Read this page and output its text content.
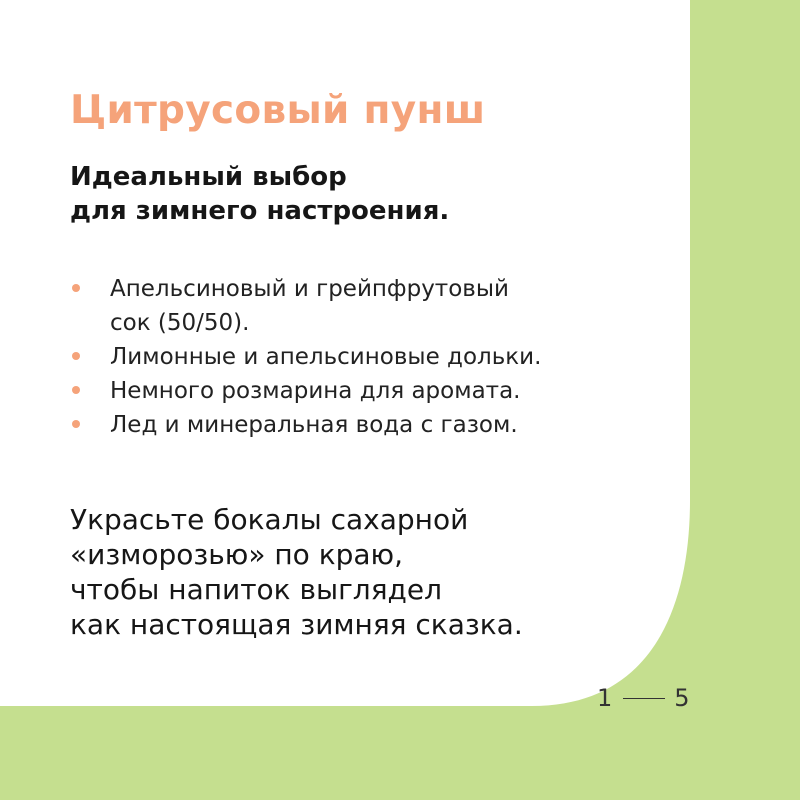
Цитрусовый пунш
Идеальный выбор
для зимнего настроения.
Апельсиновый и грейпфрутовый
сок (50/50).
Лимонные и апельсиновые дольки.
Немного розмарина для аромата.
Лед и минеральная вода с газом.

Украсьте бокалы сахарной
«изморозью» по краю,
чтобы напиток выглядел
как настоящая зимняя сказка.

1	5
